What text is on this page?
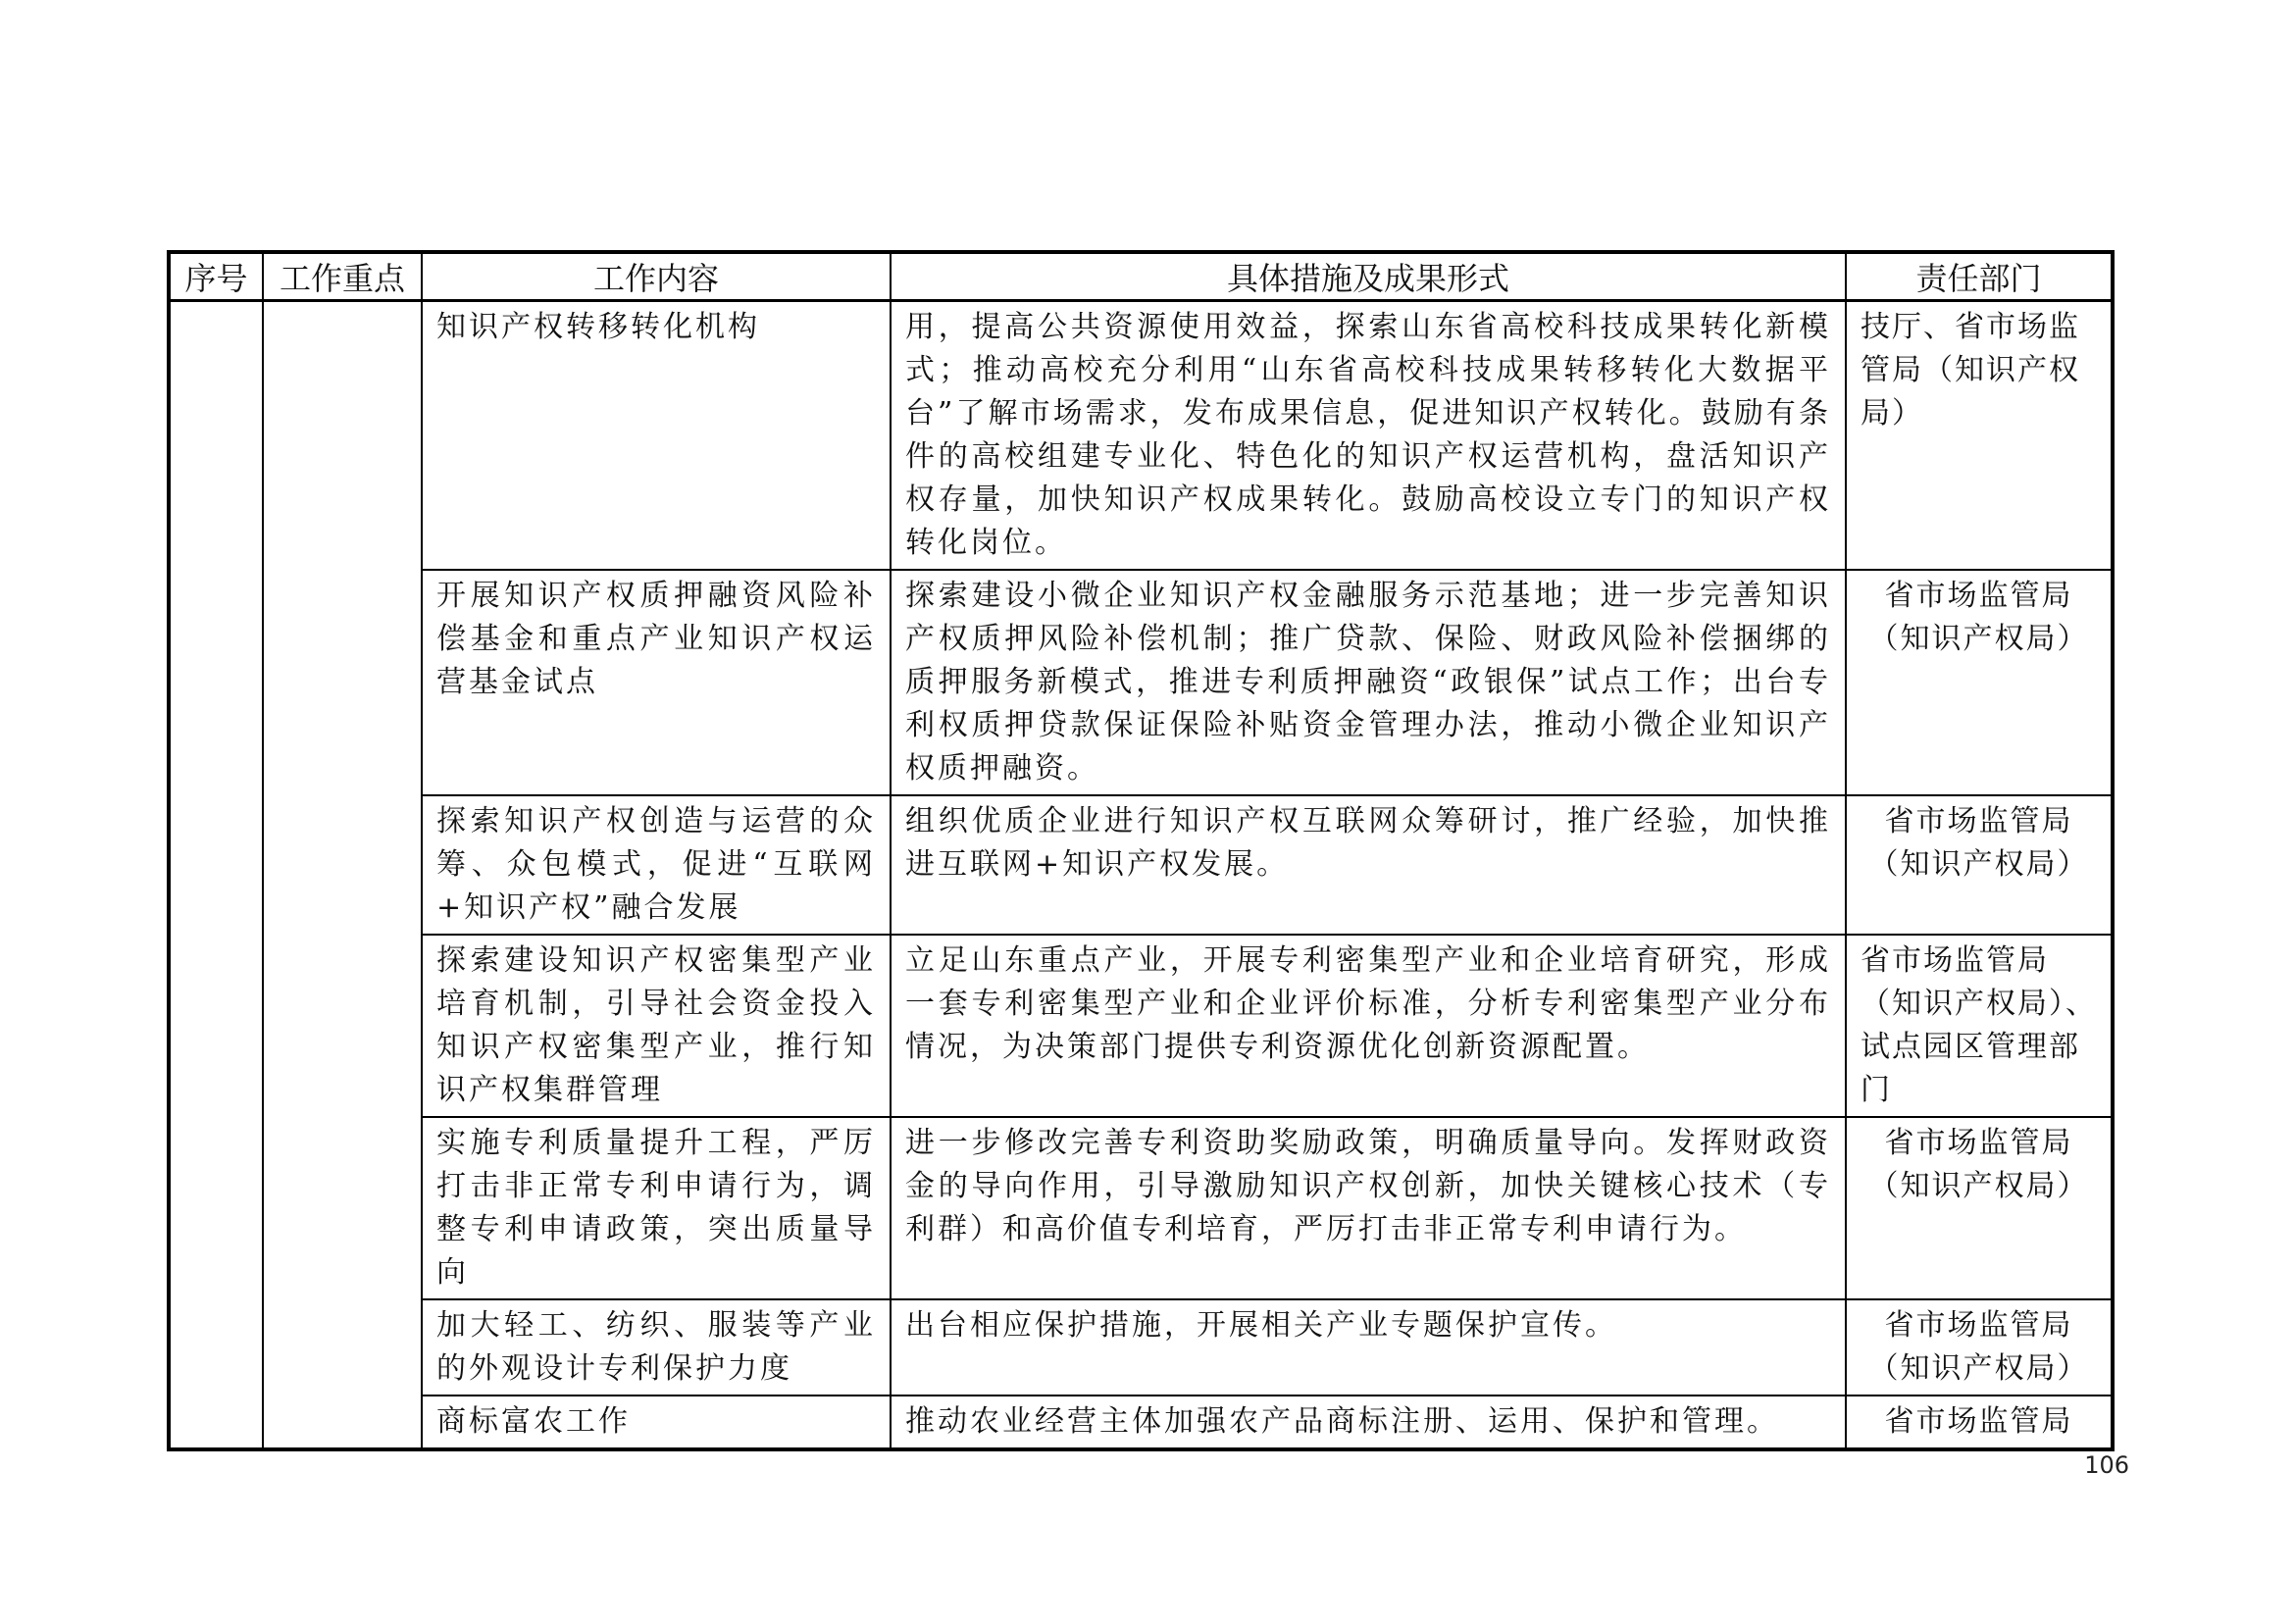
序号	工作重点	工作内容	具体措施及成果形式	责任部门
		知识产权转移转化机构	用，提高公共资源使用效益，探索山东省高校科技成果转化新模式；推动高校充分利用“山东省高校科技成果转移转化大数据平台”了解市场需求，发布成果信息，促进知识产权转化。鼓励有条件的高校组建专业化、特色化的知识产权运营机构，盘活知识产权存量，加快知识产权成果转化。鼓励高校设立专门的知识产权转化岗位。	技厅、省市场监管局（知识产权局）
		开展知识产权质押融资风险补偿基金和重点产业知识产权运营基金试点	探索建设小微企业知识产权金融服务示范基地；进一步完善知识产权质押风险补偿机制；推广贷款、保险、财政风险补偿捆绑的质押服务新模式，推进专利质押融资“政银保”试点工作；出台专利权质押贷款保证保险补贴资金管理办法，推动小微企业知识产权质押融资。	省市场监管局（知识产权局）
		探索知识产权创造与运营的众筹、众包模式，促进“互联网+知识产权”融合发展	组织优质企业进行知识产权互联网众筹研讨，推广经验，加快推进互联网+知识产权发展。	省市场监管局（知识产权局）
		探索建设知识产权密集型产业培育机制，引导社会资金投入知识产权密集型产业，推行知识产权集群管理	立足山东重点产业，开展专利密集型产业和企业培育研究，形成一套专利密集型产业和企业评价标准，分析专利密集型产业分布情况，为决策部门提供专利资源优化创新资源配置。	省市场监管局（知识产权局）、试点园区管理部门
		实施专利质量提升工程，严厉打击非正常专利申请行为，调整专利申请政策，突出质量导向	进一步修改完善专利资助奖励政策，明确质量导向。发挥财政资金的导向作用，引导激励知识产权创新，加快关键核心技术（专利群）和高价值专利培育，严厉打击非正常专利申请行为。	省市场监管局（知识产权局）
		加大轻工、纺织、服装等产业的外观设计专利保护力度	出台相应保护措施，开展相关产业专题保护宣传。	省市场监管局（知识产权局）
		商标富农工作	推动农业经营主体加强农产品商标注册、运用、保护和管理。	省市场监管局
106
